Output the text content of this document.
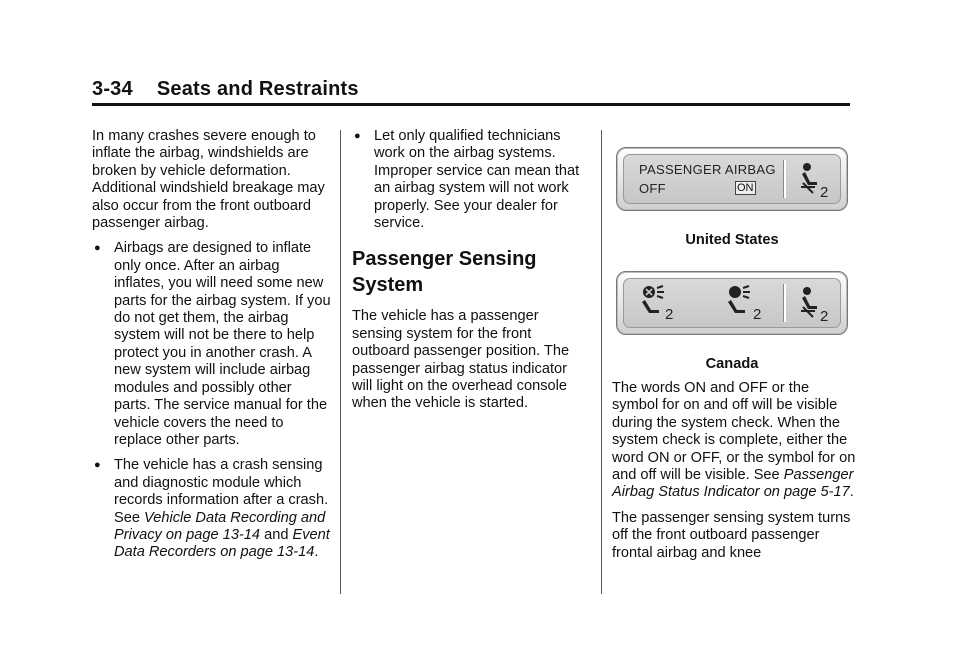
3-34 Seats and Restraints

In many crashes severe enough to inflate the airbag, windshields are broken by vehicle deformation. Additional windshield breakage may also occur from the front outboard passenger airbag.

● Airbags are designed to inflate only once. After an airbag inflates, you will need some new parts for the airbag system. If you do not get them, the airbag system will not be there to help protect you in another crash. A new system will include airbag modules and possibly other parts. The service manual for the vehicle covers the need to replace other parts.
● The vehicle has a crash sensing and diagnostic module which records information after a crash. See Vehicle Data Recording and Privacy on page 13-14 and Event Data Recorders on page 13-14.
● Let only qualified technicians work on the airbag systems. Improper service can mean that an airbag system will not work properly. See your dealer for service.
Passenger Sensing System

The vehicle has a passenger sensing system for the front outboard passenger position. The passenger airbag status indicator will light on the overhead console when the vehicle is started.

PASSENGER AIRBAG
OFF	ON	2
United States
2	2	2
Canada

The words ON and OFF or the symbol for on and off will be visible during the system check. When the system check is complete, either the word ON or OFF, or the symbol for on and off will be visible. See Passenger Airbag Status Indicator on page 5-17.

The passenger sensing system turns off the front outboard passenger frontal airbag and knee
